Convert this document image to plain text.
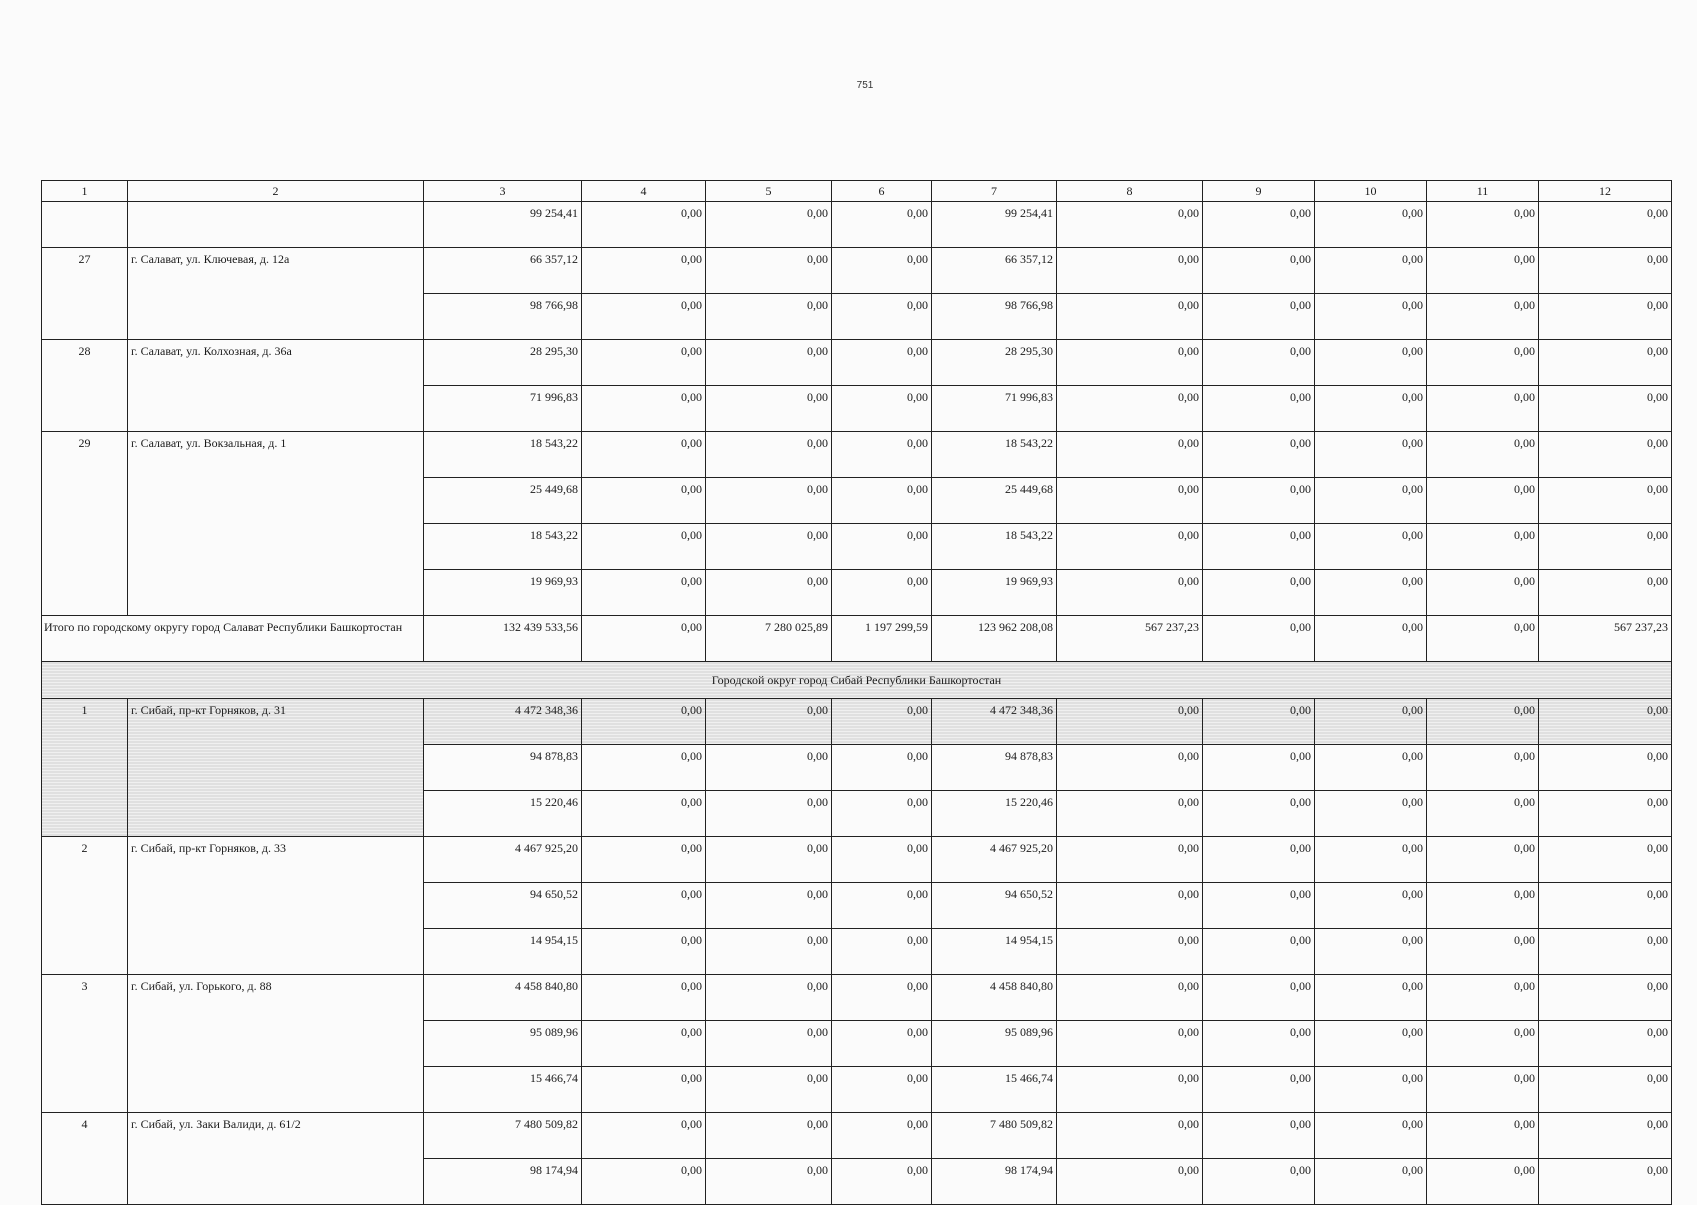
751
1	2	3	4	5	6	7	8	9	10	11	12
		99 254,41	0,00	0,00	0,00	99 254,41	0,00	0,00	0,00	0,00	0,00
27	г. Салават, ул. Ключевая, д. 12а	66 357,12	0,00	0,00	0,00	66 357,12	0,00	0,00	0,00	0,00	0,00
		98 766,98	0,00	0,00	0,00	98 766,98	0,00	0,00	0,00	0,00	0,00
28	г. Салават, ул. Колхозная, д. 36а	28 295,30	0,00	0,00	0,00	28 295,30	0,00	0,00	0,00	0,00	0,00
		71 996,83	0,00	0,00	0,00	71 996,83	0,00	0,00	0,00	0,00	0,00
29	г. Салават, ул. Вокзальная, д. 1	18 543,22	0,00	0,00	0,00	18 543,22	0,00	0,00	0,00	0,00	0,00
		25 449,68	0,00	0,00	0,00	25 449,68	0,00	0,00	0,00	0,00	0,00
		18 543,22	0,00	0,00	0,00	18 543,22	0,00	0,00	0,00	0,00	0,00
		19 969,93	0,00	0,00	0,00	19 969,93	0,00	0,00	0,00	0,00	0,00
Итого по городскому округу город Салават Республики Башкортостан		132 439 533,56	0,00	7 280 025,89	1 197 299,59	123 962 208,08	567 237,23	0,00	0,00	0,00	567 237,23
Городской округ город Сибай Республики Башкортостан											
1	г. Сибай, пр-кт Горняков, д. 31	4 472 348,36	0,00	0,00	0,00	4 472 348,36	0,00	0,00	0,00	0,00	0,00
		94 878,83	0,00	0,00	0,00	94 878,83	0,00	0,00	0,00	0,00	0,00
		15 220,46	0,00	0,00	0,00	15 220,46	0,00	0,00	0,00	0,00	0,00
2	г. Сибай, пр-кт Горняков, д. 33	4 467 925,20	0,00	0,00	0,00	4 467 925,20	0,00	0,00	0,00	0,00	0,00
		94 650,52	0,00	0,00	0,00	94 650,52	0,00	0,00	0,00	0,00	0,00
		14 954,15	0,00	0,00	0,00	14 954,15	0,00	0,00	0,00	0,00	0,00
3	г. Сибай, ул. Горького, д. 88	4 458 840,80	0,00	0,00	0,00	4 458 840,80	0,00	0,00	0,00	0,00	0,00
		95 089,96	0,00	0,00	0,00	95 089,96	0,00	0,00	0,00	0,00	0,00
		15 466,74	0,00	0,00	0,00	15 466,74	0,00	0,00	0,00	0,00	0,00
4	г. Сибай, ул. Заки Валиди, д. 61/2	7 480 509,82	0,00	0,00	0,00	7 480 509,82	0,00	0,00	0,00	0,00	0,00
		98 174,94	0,00	0,00	0,00	98 174,94	0,00	0,00	0,00	0,00	0,00
